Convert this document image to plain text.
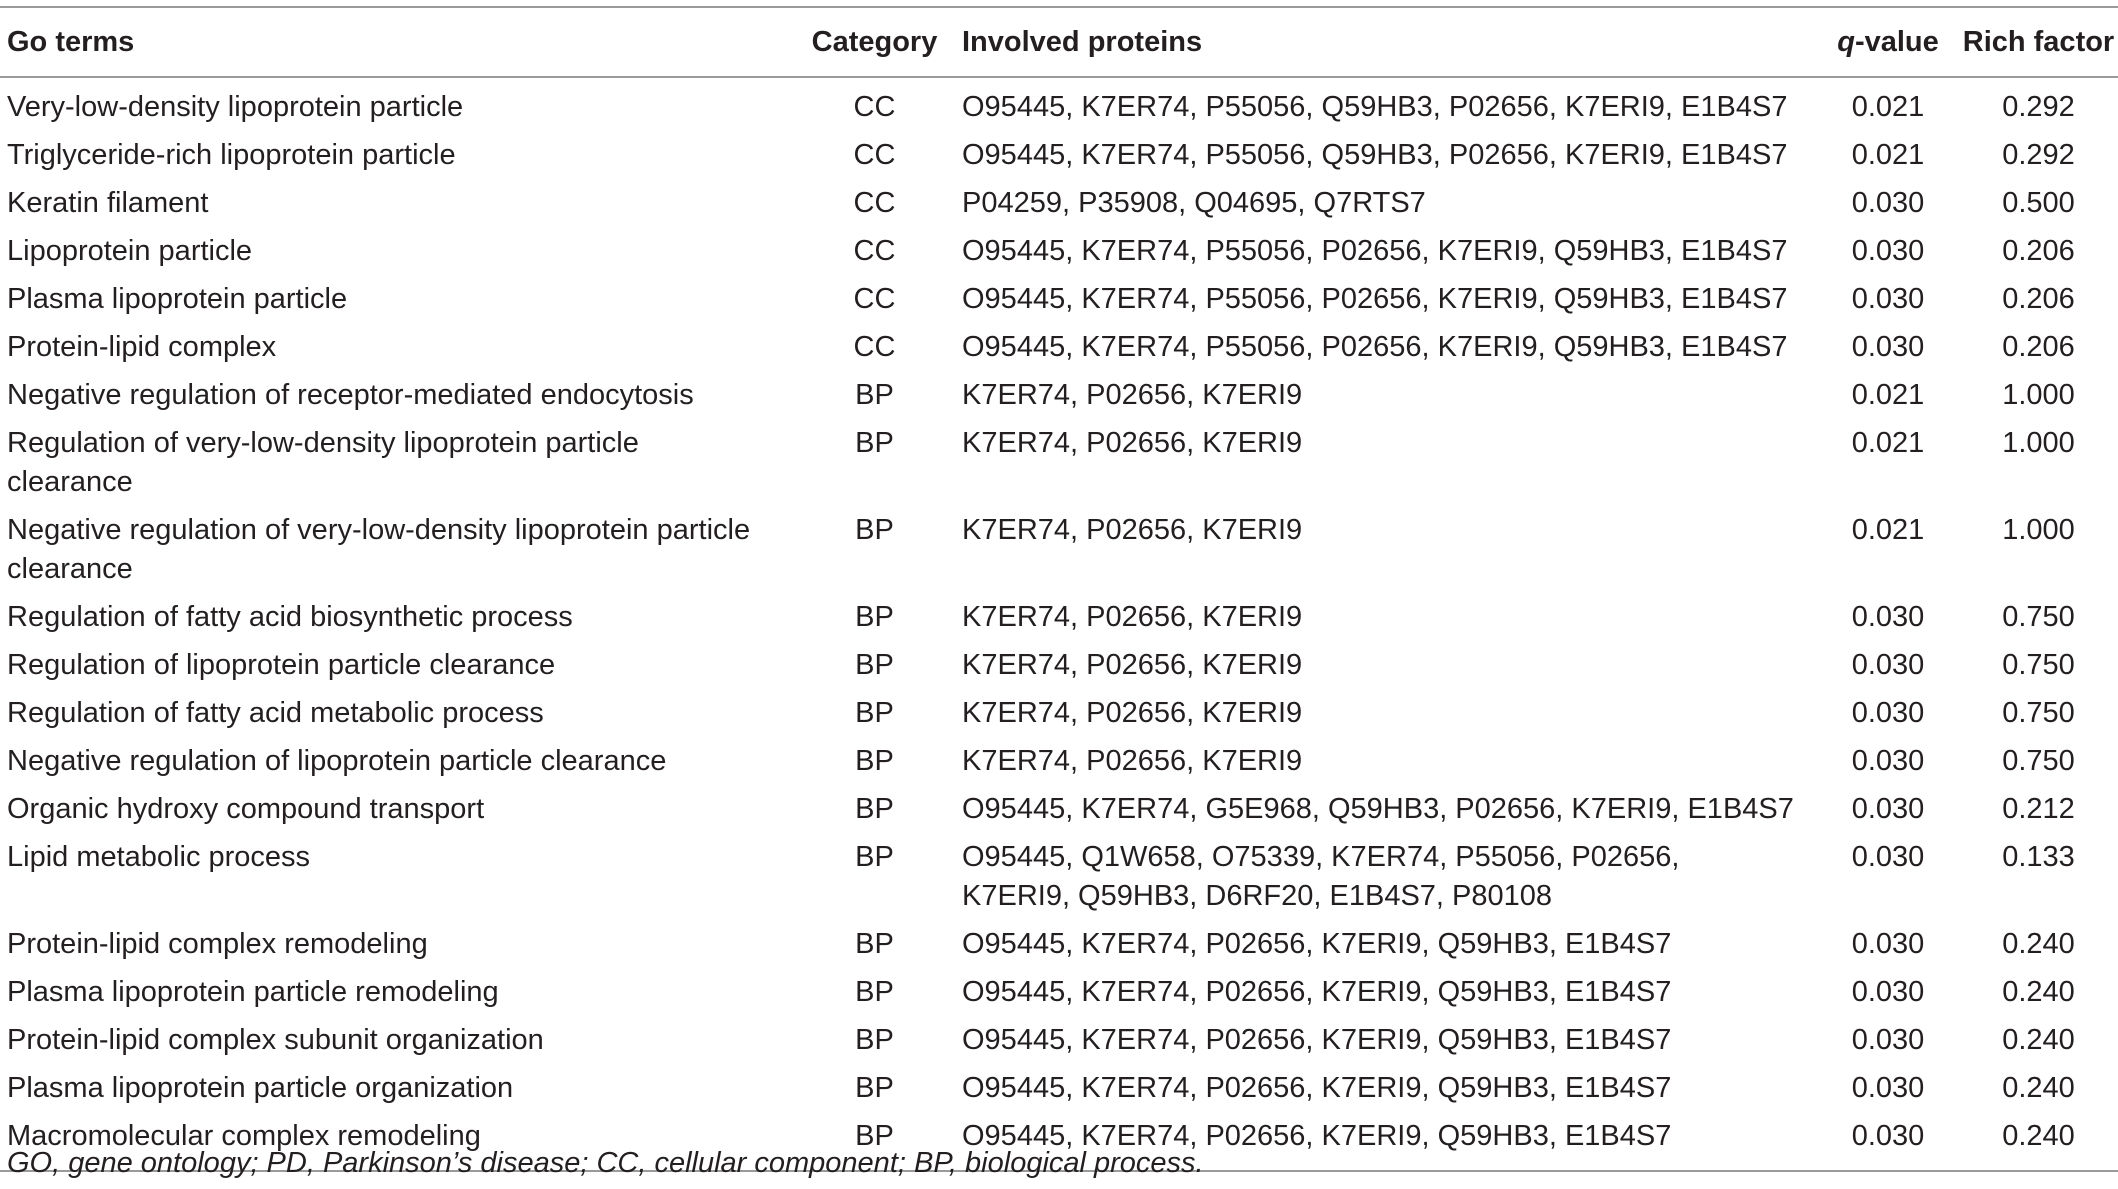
Go terms	Category	Involved proteins	q-value	Rich factor
Very-low-density lipoprotein particle	CC	O95445, K7ER74, P55056, Q59HB3, P02656, K7ERI9, E1B4S7	0.021	0.292
Triglyceride-rich lipoprotein particle	CC	O95445, K7ER74, P55056, Q59HB3, P02656, K7ERI9, E1B4S7	0.021	0.292
Keratin filament	CC	P04259, P35908, Q04695, Q7RTS7	0.030	0.500
Lipoprotein particle	CC	O95445, K7ER74, P55056, P02656, K7ERI9, Q59HB3, E1B4S7	0.030	0.206
Plasma lipoprotein particle	CC	O95445, K7ER74, P55056, P02656, K7ERI9, Q59HB3, E1B4S7	0.030	0.206
Protein-lipid complex	CC	O95445, K7ER74, P55056, P02656, K7ERI9, Q59HB3, E1B4S7	0.030	0.206
Negative regulation of receptor-mediated endocytosis	BP	K7ER74, P02656, K7ERI9	0.021	1.000
Regulation of very-low-density lipoprotein particle clearance	BP	K7ER74, P02656, K7ERI9	0.021	1.000
Negative regulation of very-low-density lipoprotein particle clearance	BP	K7ER74, P02656, K7ERI9	0.021	1.000
Regulation of fatty acid biosynthetic process	BP	K7ER74, P02656, K7ERI9	0.030	0.750
Regulation of lipoprotein particle clearance	BP	K7ER74, P02656, K7ERI9	0.030	0.750
Regulation of fatty acid metabolic process	BP	K7ER74, P02656, K7ERI9	0.030	0.750
Negative regulation of lipoprotein particle clearance	BP	K7ER74, P02656, K7ERI9	0.030	0.750
Organic hydroxy compound transport	BP	O95445, K7ER74, G5E968, Q59HB3, P02656, K7ERI9, E1B4S7	0.030	0.212
Lipid metabolic process	BP	O95445, Q1W658, O75339, K7ER74, P55056, P02656, K7ERI9, Q59HB3, D6RF20, E1B4S7, P80108	0.030	0.133
Protein-lipid complex remodeling	BP	O95445, K7ER74, P02656, K7ERI9, Q59HB3, E1B4S7	0.030	0.240
Plasma lipoprotein particle remodeling	BP	O95445, K7ER74, P02656, K7ERI9, Q59HB3, E1B4S7	0.030	0.240
Protein-lipid complex subunit organization	BP	O95445, K7ER74, P02656, K7ERI9, Q59HB3, E1B4S7	0.030	0.240
Plasma lipoprotein particle organization	BP	O95445, K7ER74, P02656, K7ERI9, Q59HB3, E1B4S7	0.030	0.240
Macromolecular complex remodeling	BP	O95445, K7ER74, P02656, K7ERI9, Q59HB3, E1B4S7	0.030	0.240
GO, gene ontology; PD, Parkinson’s disease; CC, cellular component; BP, biological process.
